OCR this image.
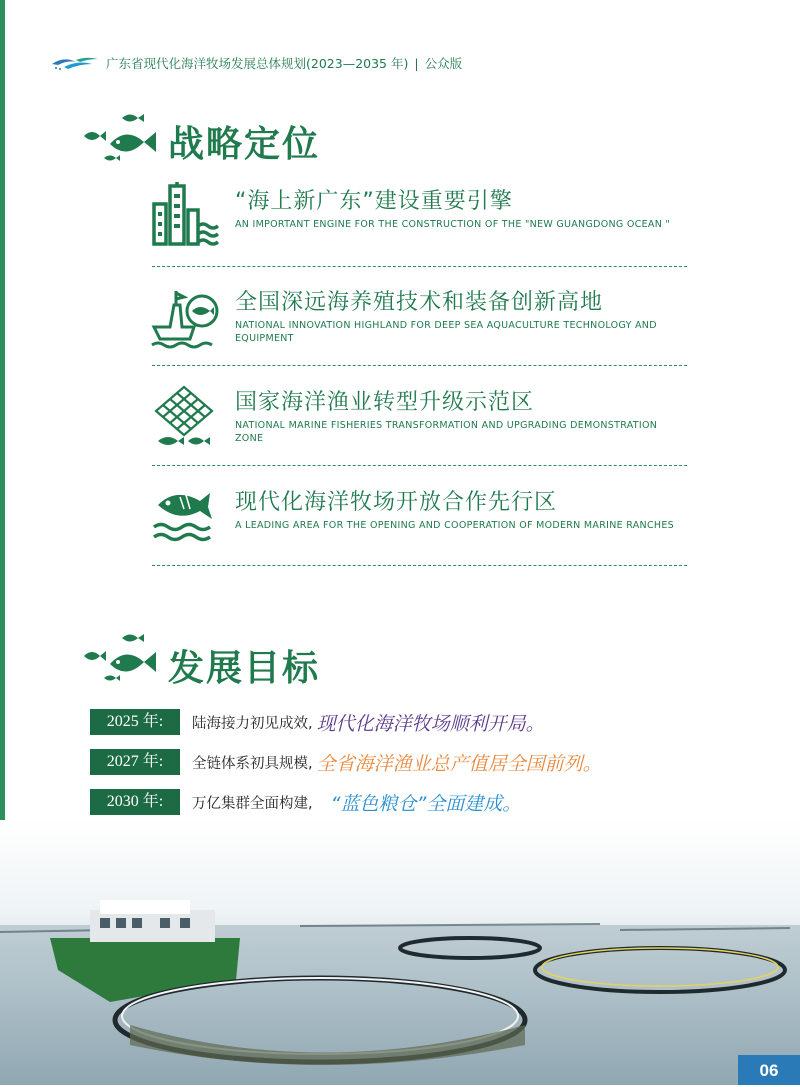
广东省现代化海洋牧场发展总体规划(2023—2035 年) | 公众版
战略定位
“海上新广东”建设重要引擎
AN IMPORTANT ENGINE FOR THE CONSTRUCTION OF THE "NEW GUANGDONG OCEAN "
全国深远海养殖技术和装备创新高地
NATIONAL INNOVATION HIGHLAND FOR DEEP SEA AQUACULTURE TECHNOLOGY AND EQUIPMENT
国家海洋渔业转型升级示范区
NATIONAL MARINE FISHERIES TRANSFORMATION AND UPGRADING DEMONSTRATION ZONE
现代化海洋牧场开放合作先行区
A LEADING AREA FOR THE OPENING AND COOPERATION OF MODERN MARINE RANCHES
发展目标
2025 年:	陆海接力初见成效, 现代化海洋牧场顺利开局。
2027 年:	全链体系初具规模, 全省海洋渔业总产值居全国前列。
2030 年:	万亿集群全面构建, “蓝色粮仓”全面建成。
06
